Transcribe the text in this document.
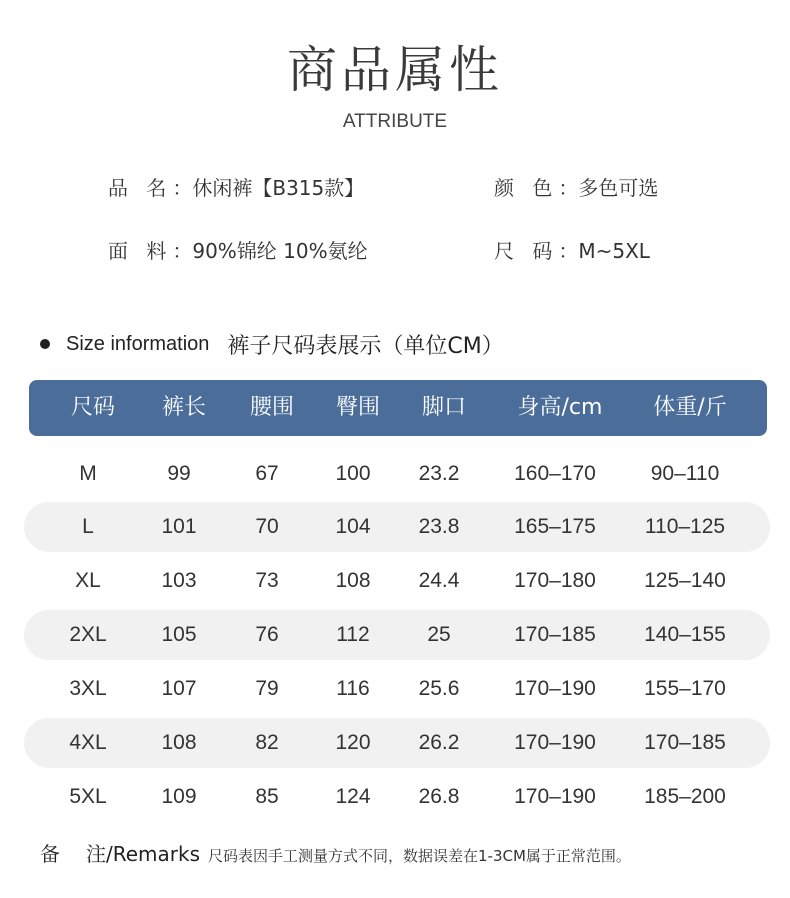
商品属性
ATTRIBUTE
品 名：休闲裤【B315款】	颜 色：多色可选
面 料：90%锦纶 10%氨纶	尺 码：M~5XL
Size information 裤子尺码表展示（单位CM）
尺码	裤长	腰围	臀围	脚口	身高/cm	体重/斤
M	99	67	100	23.2	160–170	90–110
L	101	70	104	23.8	165–175	110–125
XL	103	73	108	24.4	170–180	125–140
2XL	105	76	112	25	170–185	140–155
3XL	107	79	116	25.6	170–190	155–170
4XL	108	82	120	26.2	170–190	170–185
5XL	109	85	124	26.8	170–190	185–200
备注/Remarks 尺码表因手工测量方式不同，数据误差在1-3CM属于正常范围。
